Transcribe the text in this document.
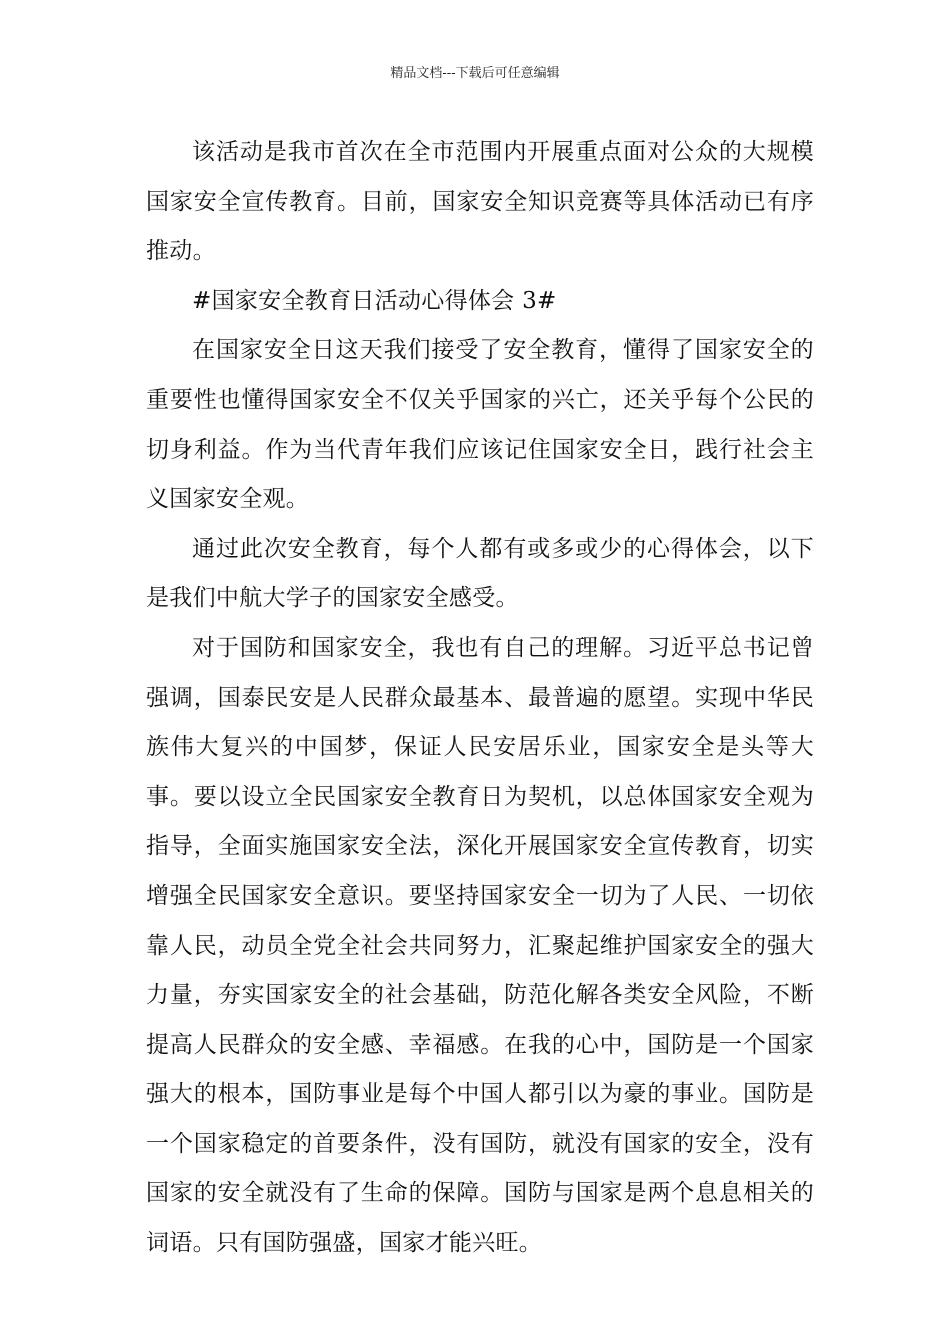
精品文档---下载后可任意编辑

该活动是我市首次在全市范围内开展重点面对公众的大规模国家安全宣传教育。目前，国家安全知识竞赛等具体活动已有序推动。

#国家安全教育日活动心得体会 3#

在国家安全日这天我们接受了安全教育，懂得了国家安全的重要性也懂得国家安全不仅关乎国家的兴亡，还关乎每个公民的切身利益。作为当代青年我们应该记住国家安全日，践行社会主义国家安全观。

通过此次安全教育，每个人都有或多或少的心得体会，以下是我们中航大学子的国家安全感受。

对于国防和国家安全，我也有自己的理解。习近平总书记曾强调，国泰民安是人民群众最基本、最普遍的愿望。实现中华民族伟大复兴的中国梦，保证人民安居乐业，国家安全是头等大事。要以设立全民国家安全教育日为契机，以总体国家安全观为指导，全面实施国家安全法，深化开展国家安全宣传教育，切实增强全民国家安全意识。要坚持国家安全一切为了人民、一切依靠人民，动员全党全社会共同努力，汇聚起维护国家安全的强大力量，夯实国家安全的社会基础，防范化解各类安全风险，不断提高人民群众的安全感、幸福感。在我的心中，国防是一个国家强大的根本，国防事业是每个中国人都引以为豪的事业。国防是一个国家稳定的首要条件，没有国防，就没有国家的安全，没有国家的安全就没有了生命的保障。国防与国家是两个息息相关的词语。只有国防强盛，国家才能兴旺。
